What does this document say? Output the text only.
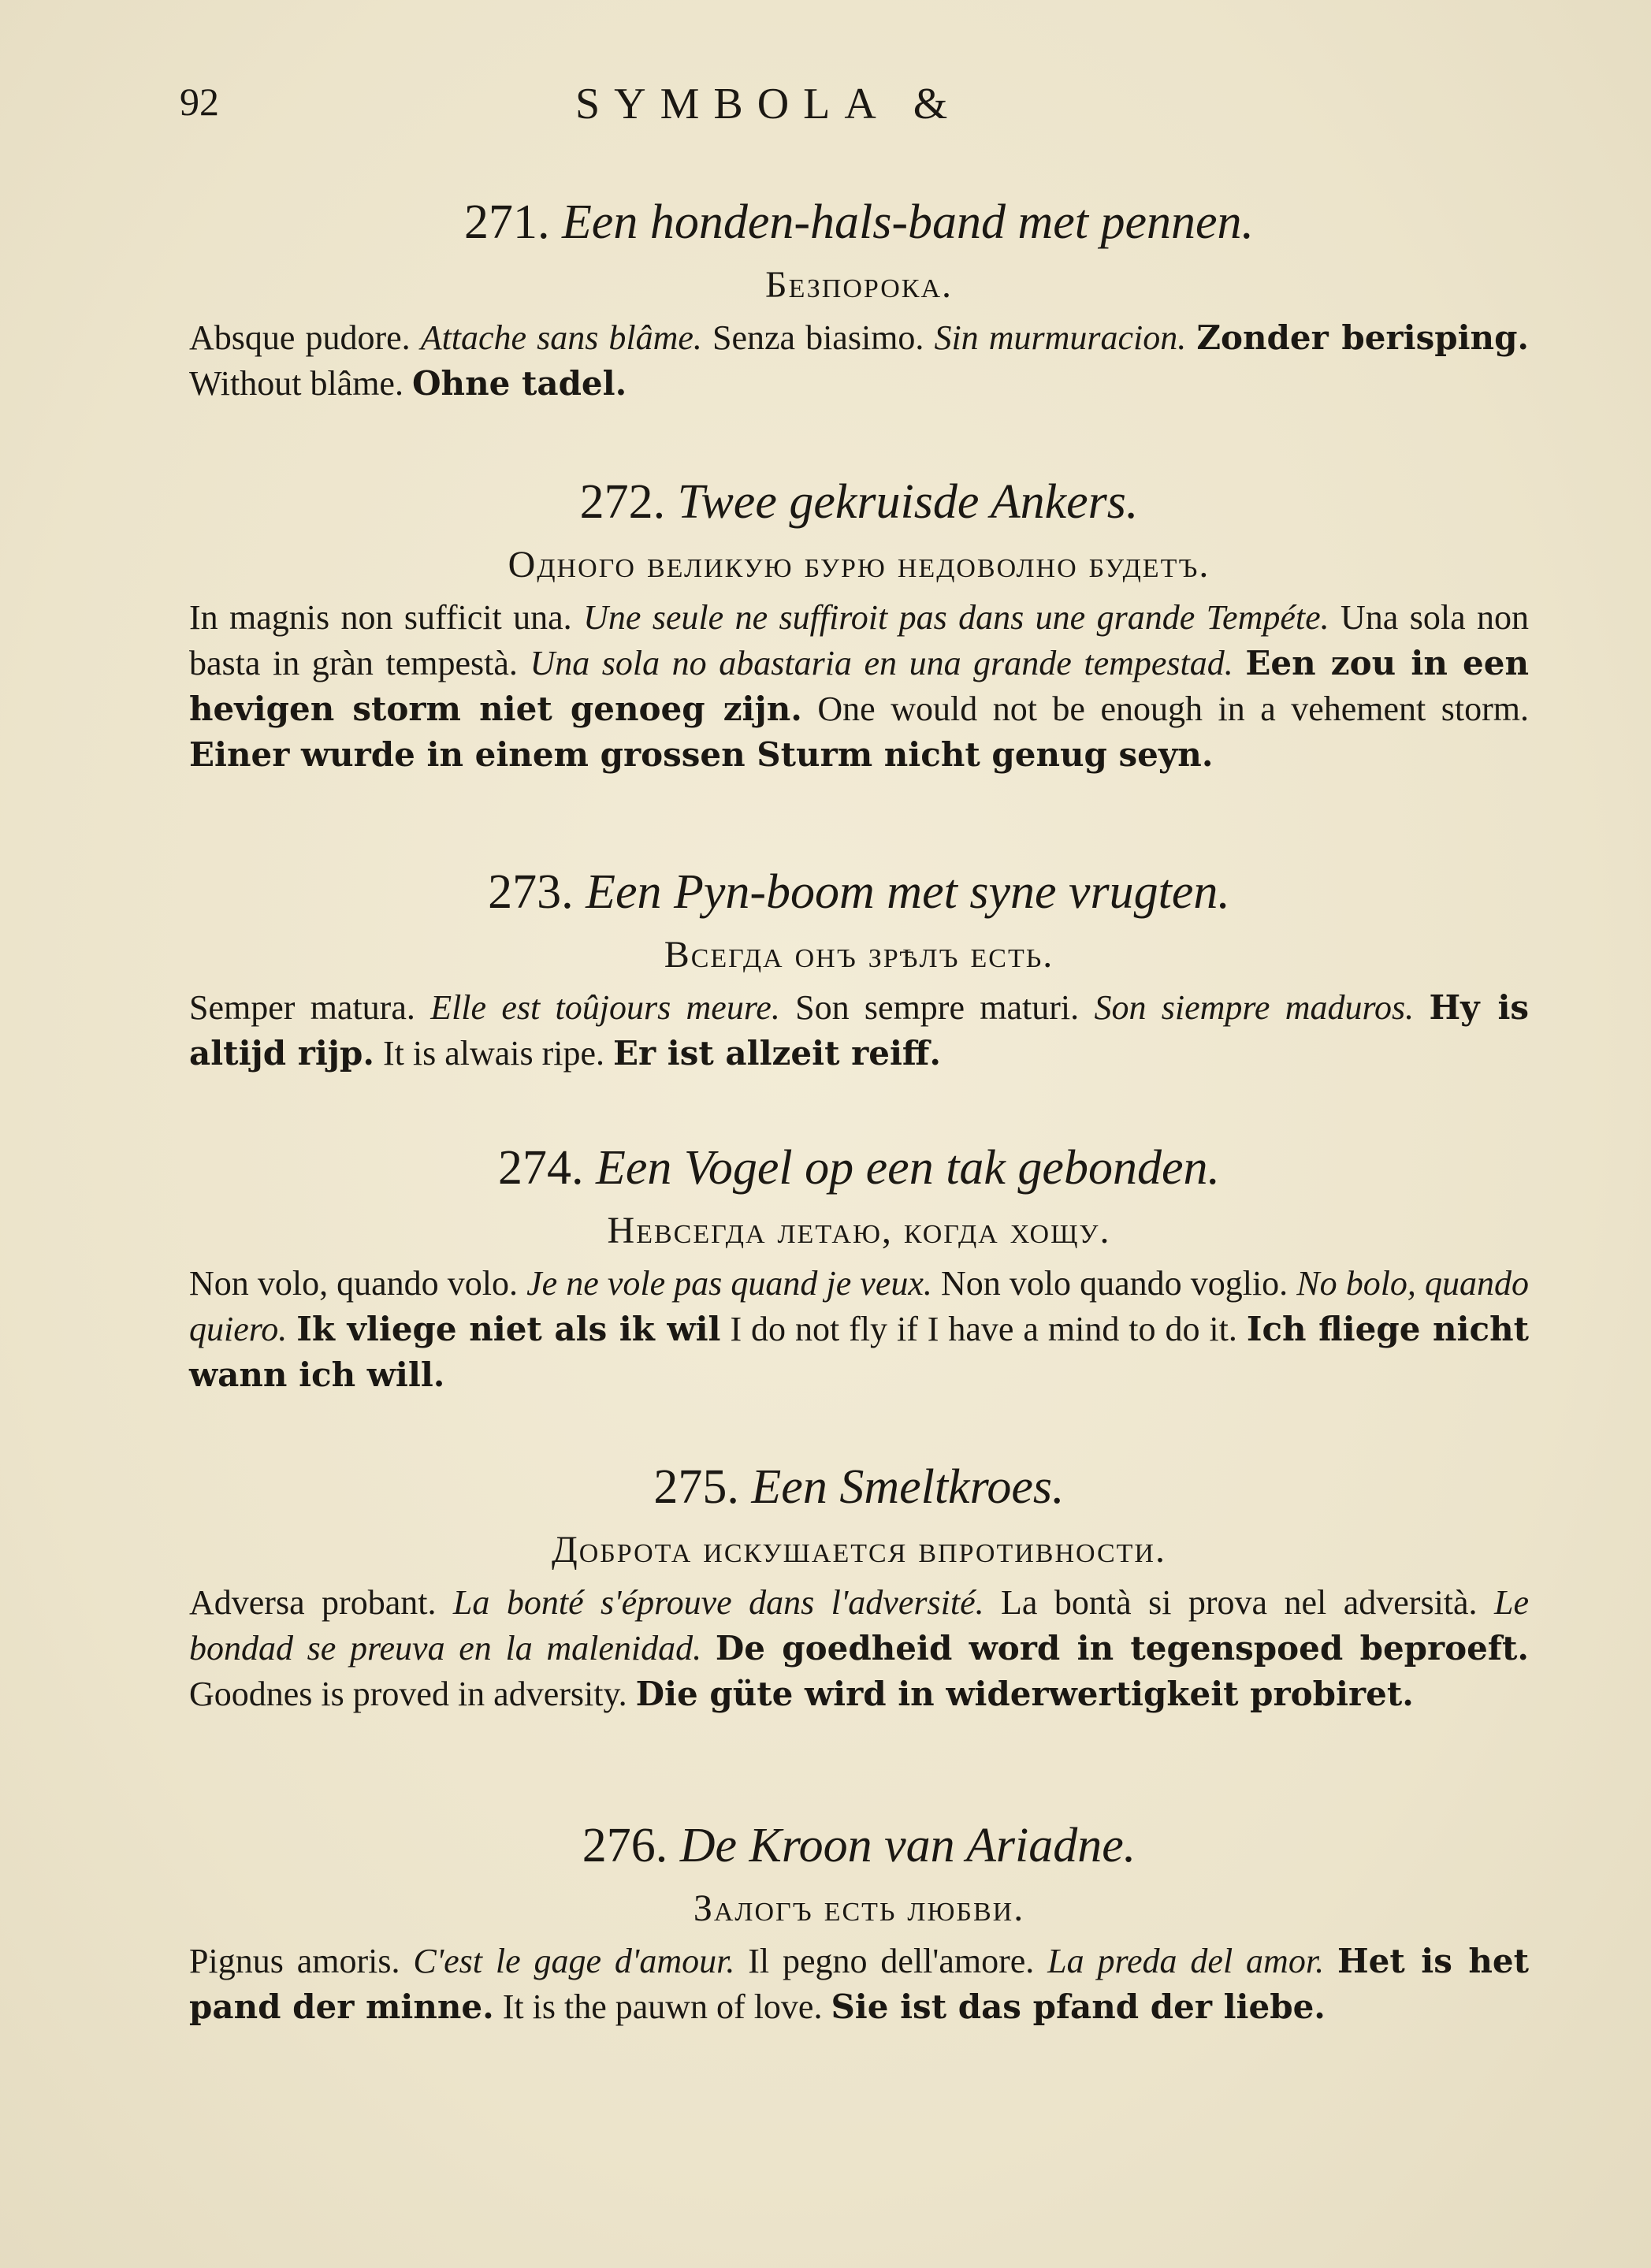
92	SYMBOLA &
271. Een honden-hals-band met pennen.
Безпорока.
Absque pudore. Attache sans blâme. Senza biasimo. Sin murmuracion. Zonder berisping. Without blâme. Ohne tadel.
272. Twee gekruisde Ankers.
Одного великую бурю недоволно будетъ.
In magnis non sufficit una. Une seule ne suffiroit pas dans une grande Tempéte. Una sola non basta in gràn tempestà. Una sola no abastaria en una grande tempestad. Een zou in een hevigen storm niet genoeg zijn. One would not be enough in a vehement storm. Einer wurde in einem grossen Sturm nicht genug seyn.
273. Een Pyn-boom met syne vrugten.
Всегда онъ зрѣлъ есть.
Semper matura. Elle est toûjours meure. Son sempre maturi. Son siempre maduros. Hy is altijd rijp. It is alwais ripe. Er ist allzeit reiff.
274. Een Vogel op een tak gebonden.
Невсегда летаю, когда хощу.
Non volo, quando volo. Je ne vole pas quand je veux. Non volo quando voglio. No bolo, quando quiero. Ik vliege niet als ik wil I do not fly if I have a mind to do it. Ich fliege nicht wann ich will.
275. Een Smeltkroes.
Доброта искушается впротивности.
Adversa probant. La bonté s'éprouve dans l'adversité. La bontà si prova nel adversità. Le bondad se preuva en la malenidad. De goedheid word in tegenspoed beproeft. Goodnes is proved in adversity. Die güte wird in widerwertigkeit probiret.
276. De Kroon van Ariadne.
Залогъ есть любви.
Pignus amoris. C'est le gage d'amour. Il pegno dell'amore. La preda del amor. Het is het pand der minne. It is the pauwn of love. Sie ist das pfand der liebe.
